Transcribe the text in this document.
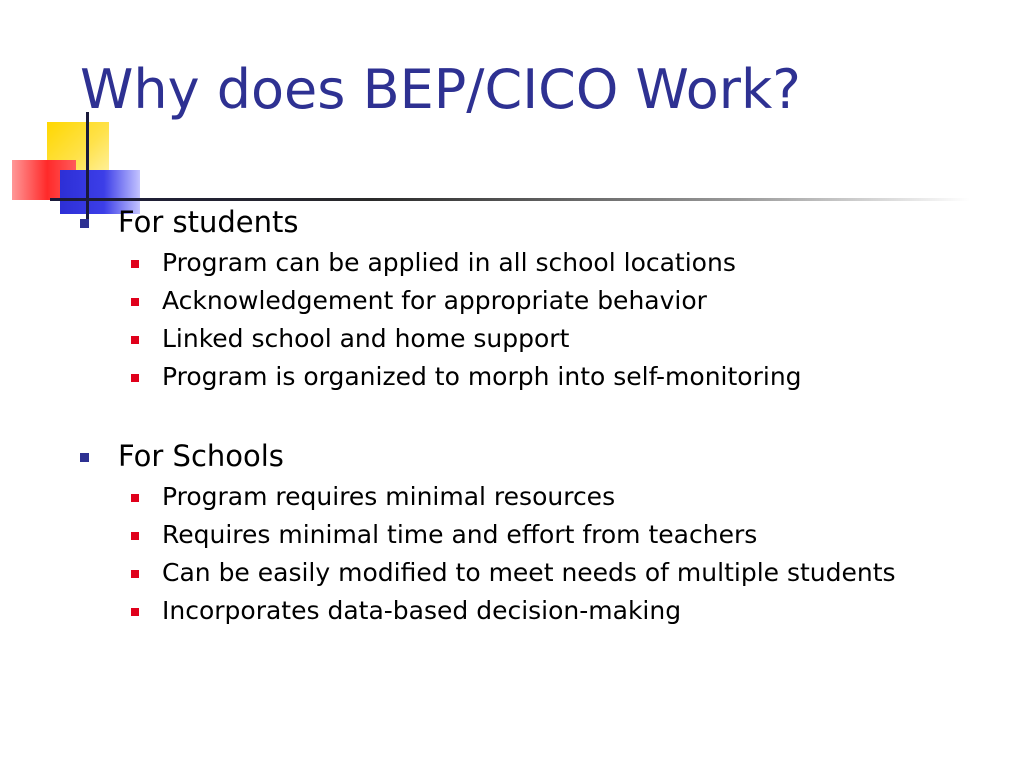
Why does BEP/CICO Work?
For students
Program can be applied in all school locations
Acknowledgement for appropriate behavior
Linked school and home support
Program is organized to morph into self-monitoring
For Schools
Program requires minimal resources
Requires minimal time and effort from teachers
Can be easily modified to meet needs of multiple students
Incorporates data-based decision-making
